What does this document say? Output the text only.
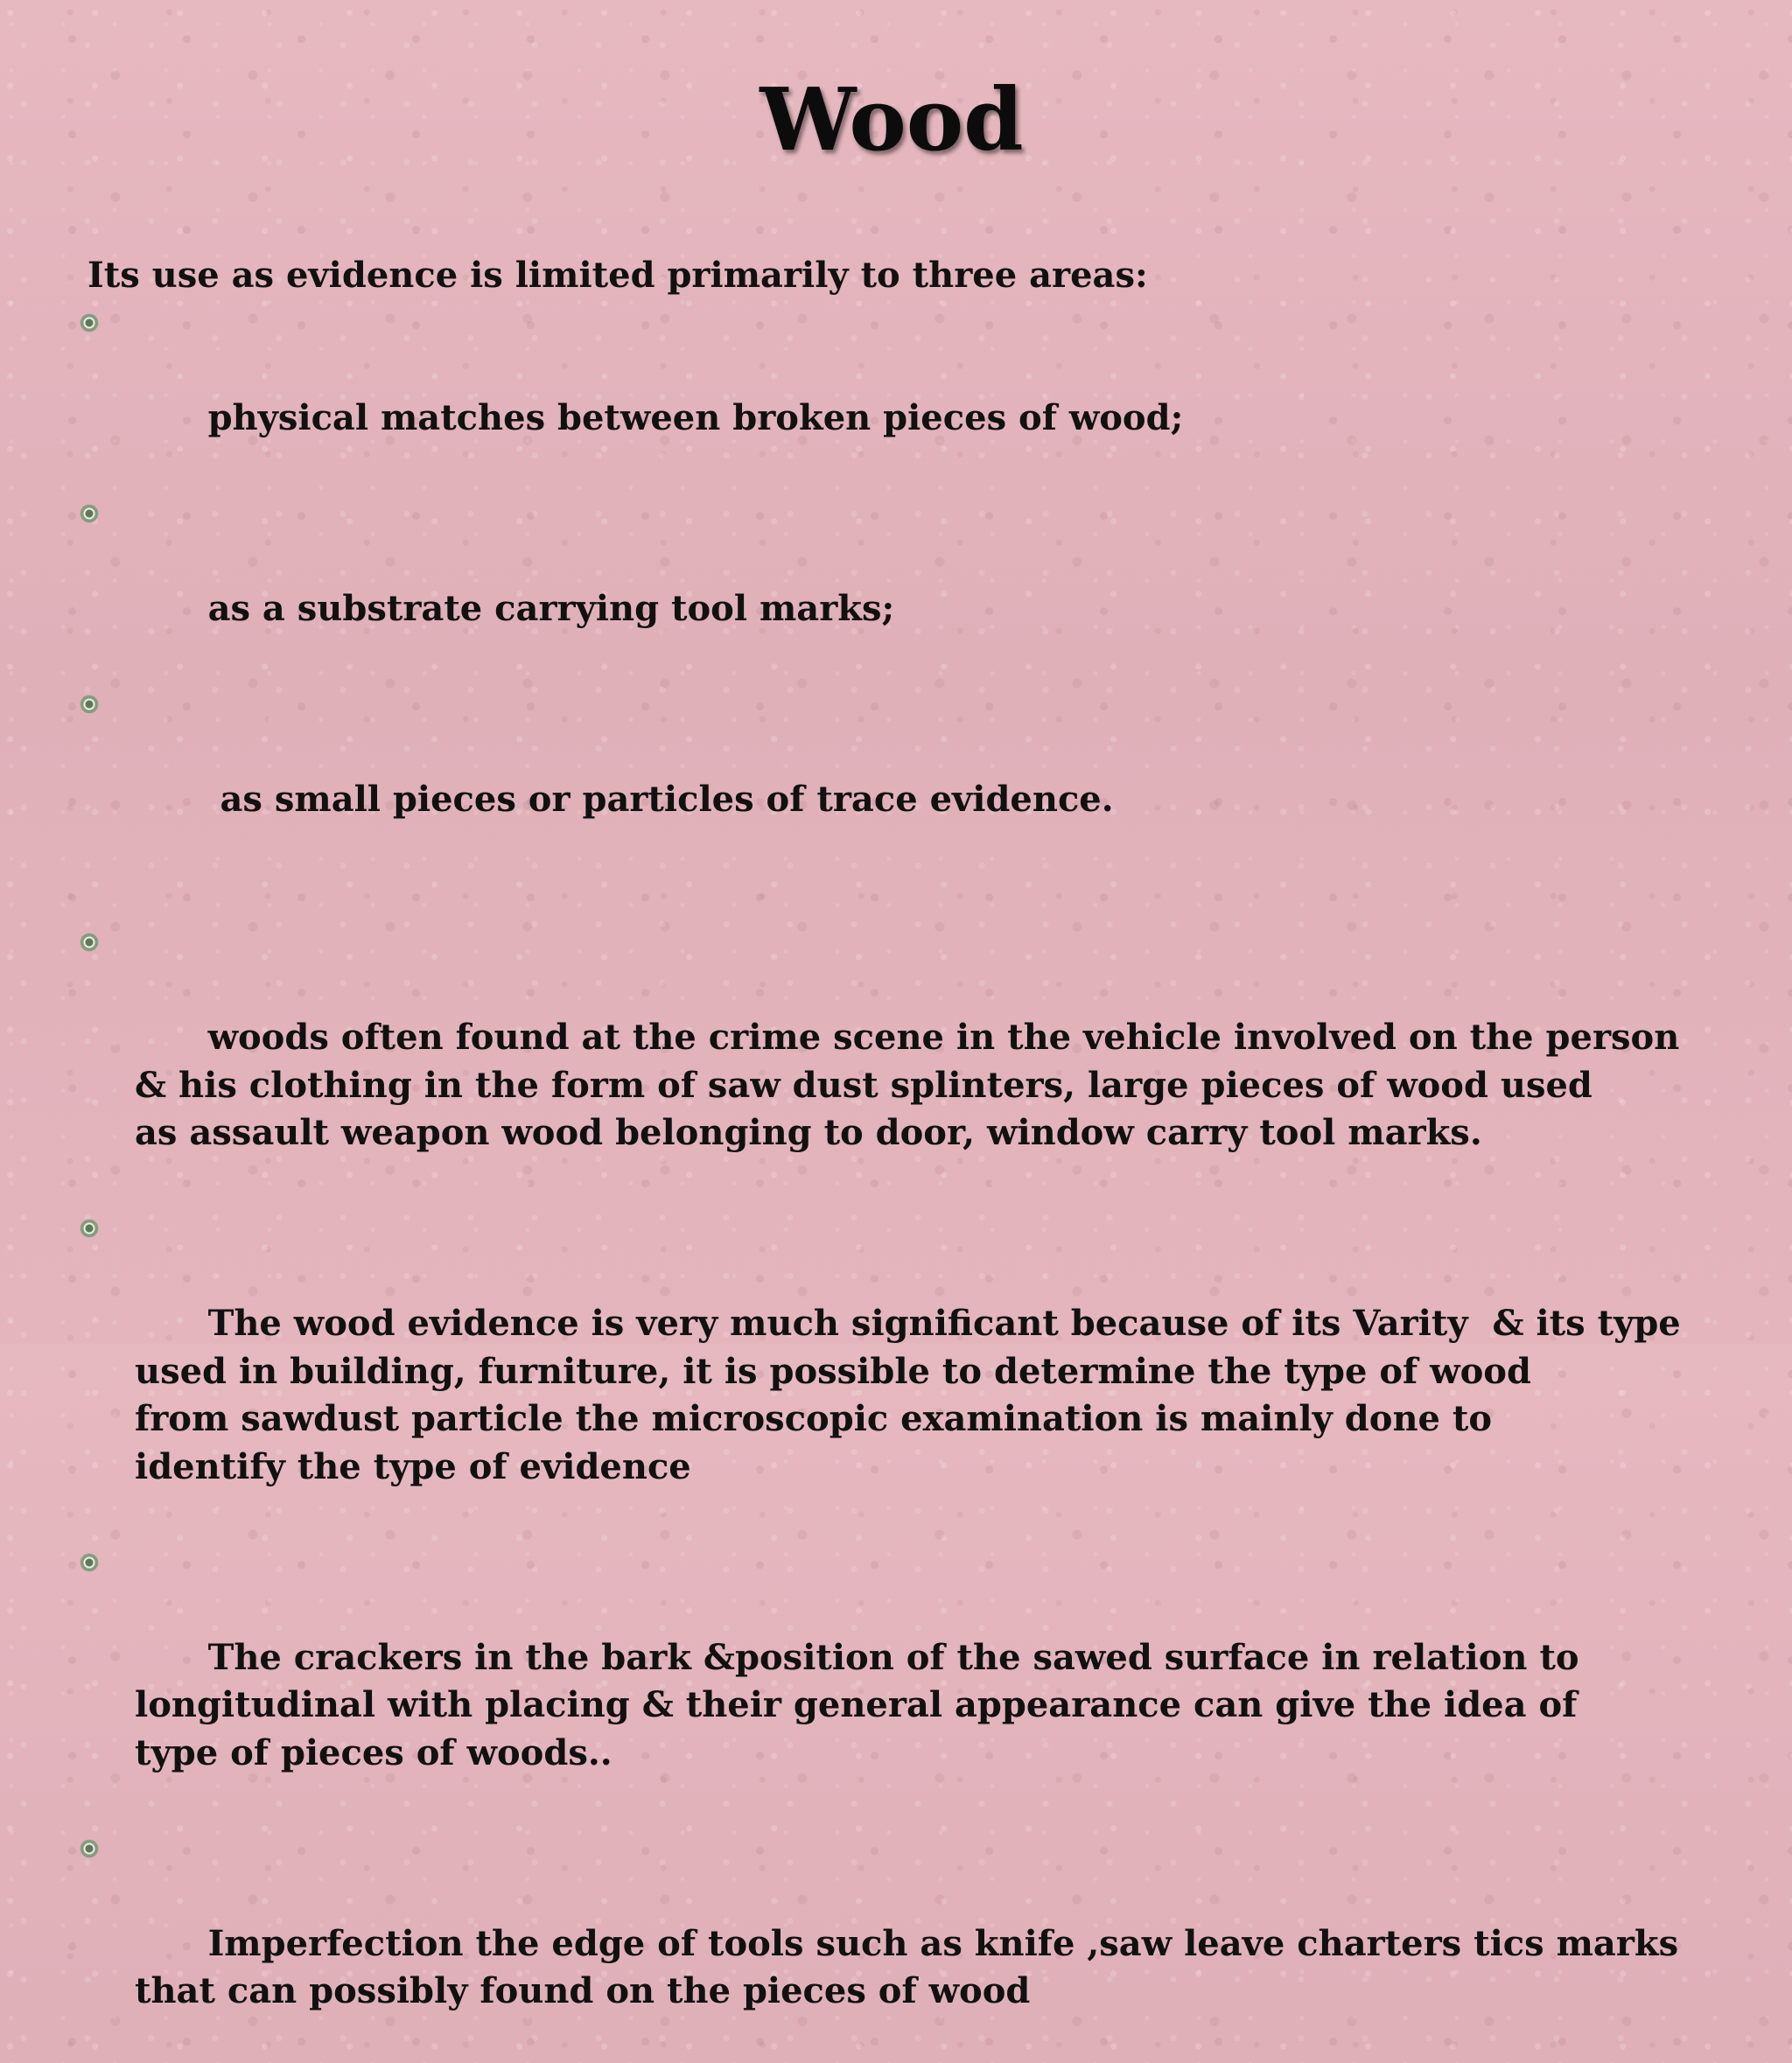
Wood

Its use as evidence is limited primarily to three areas:

physical matches between broken pieces of wood;

as a substrate carrying tool marks;

as small pieces or particles of trace evidence.

woods often found at the crime scene in the vehicle involved on the person
& his clothing in the form of saw dust splinters, large pieces of wood used
as assault weapon wood belonging to door, window carry tool marks.

The wood evidence is very much significant because of its Varity  & its type
used in building, furniture, it is possible to determine the type of wood
from sawdust particle the microscopic examination is mainly done to
identify the type of evidence

The crackers in the bark &position of the sawed surface in relation to
longitudinal with placing & their general appearance can give the idea of
type of pieces of woods..

Imperfection the edge of tools such as knife ,saw leave charters tics marks
that can possibly found on the pieces of wood
